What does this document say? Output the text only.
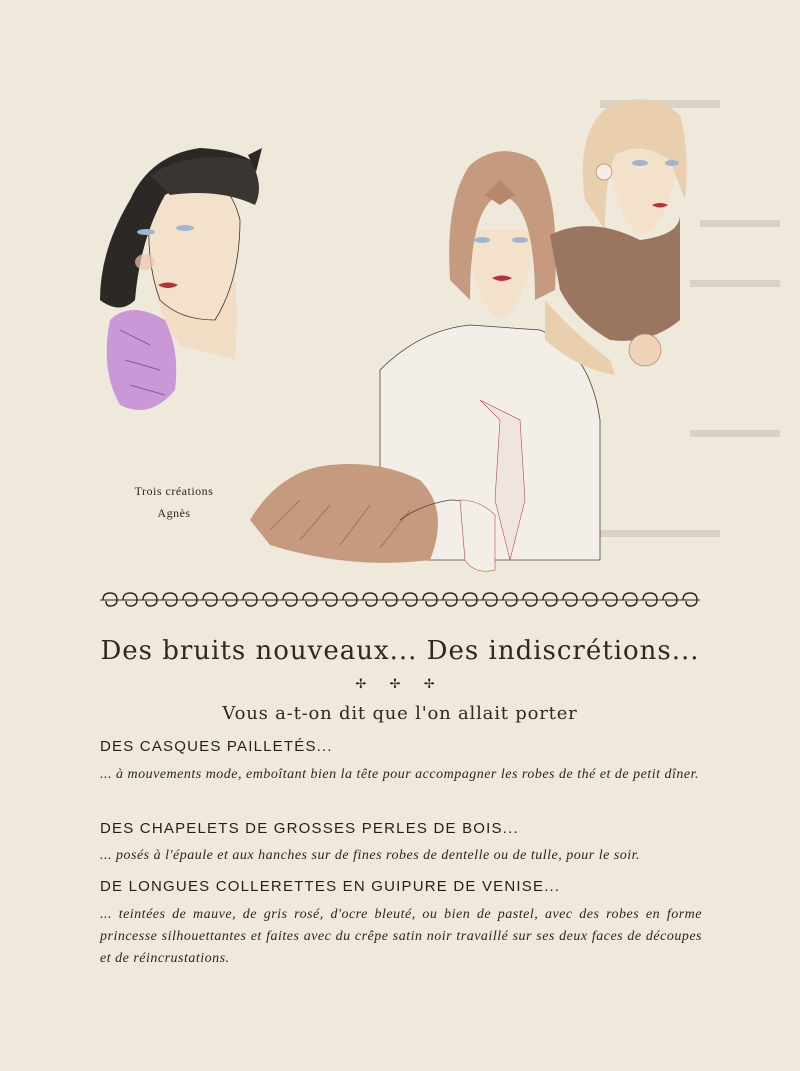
Trois créations
Agnès
Des bruits nouveaux... Des indiscrétions...
✢ ✢ ✢
Vous a-t-on dit que l'on allait porter
DES CASQUES PAILLETÉS...
... à mouvements mode, emboîtant bien la tête pour accompagner les robes de thé et de petit dîner.
DES CHAPELETS DE GROSSES PERLES DE BOIS...
... posés à l'épaule et aux hanches sur de fines robes de dentelle ou de tulle, pour le soir.
DE LONGUES COLLERETTES EN GUIPURE DE VENISE...
... teintées de mauve, de gris rosé, d'ocre bleuté, ou bien de pastel, avec des robes en forme princesse silhouettantes et faites avec du crêpe satin noir travaillé sur ses deux faces de découpes et de réincrustations.
